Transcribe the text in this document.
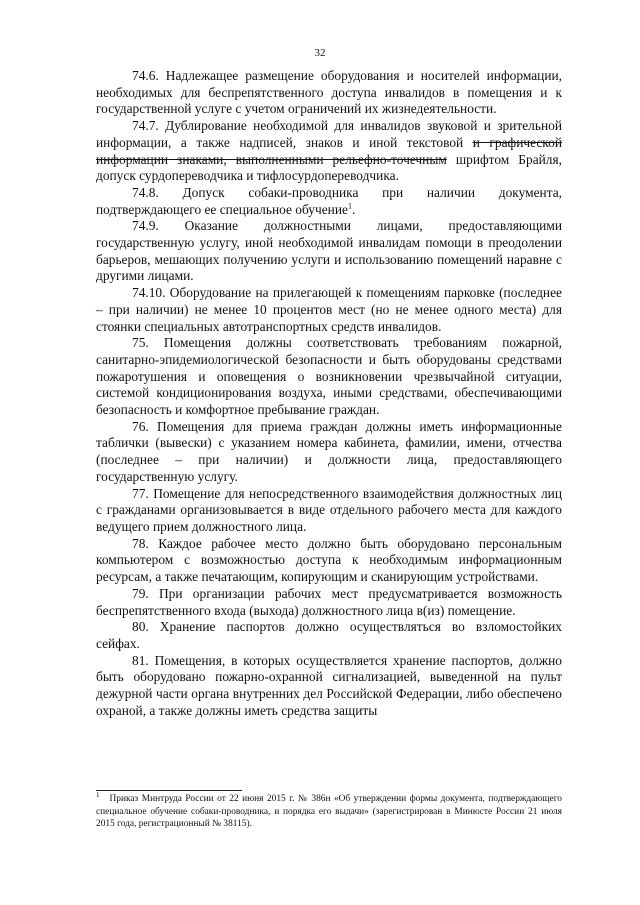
32

74.6. Надлежащее размещение оборудования и носителей информации, необходимых для беспрепятственного доступа инвалидов в помещения и к государственной услуге с учетом ограничений их жизнедеятельности.

74.7. Дублирование необходимой для инвалидов звуковой и зрительной информации, а также надписей, знаков и иной текстовой и графической информации знаками, выполненными рельефно-точечным шрифтом Брайля, допуск сурдопереводчика и тифлосурдопереводчика.

74.8. Допуск собаки-проводника при наличии документа, подтверждающего ее специальное обучение$^1$.

74.9. Оказание должностными лицами, предоставляющими государственную услугу, иной необходимой инвалидам помощи в преодолении барьеров, мешающих получению услуги и использованию помещений наравне с другими лицами.

74.10. Оборудование на прилегающей к помещениям парковке (последнее – при наличии) не менее 10 процентов мест (но не менее одного места) для стоянки специальных автотранспортных средств инвалидов.

75. Помещения должны соответствовать требованиям пожарной, санитарно-эпидемиологической безопасности и быть оборудованы средствами пожаротушения и оповещения о возникновении чрезвычайной ситуации, системой кондиционирования воздуха, иными средствами, обеспечивающими безопасность и комфортное пребывание граждан.

76. Помещения для приема граждан должны иметь информационные таблички (вывески) с указанием номера кабинета, фамилии, имени, отчества (последнее – при наличии) и должности лица, предоставляющего государственную услугу.

77. Помещение для непосредственного взаимодействия должностных лиц с гражданами организовывается в виде отдельного рабочего места для каждого ведущего прием должностного лица.

78. Каждое рабочее место должно быть оборудовано персональным компьютером с возможностью доступа к необходимым информационным ресурсам, а также печатающим, копирующим и сканирующим устройствами.

79. При организации рабочих мест предусматривается возможность беспрепятственного входа (выхода) должностного лица в(из) помещение.

80. Хранение паспортов должно осуществляться во взломостойких сейфах.

81. Помещения, в которых осуществляется хранение паспортов, должно быть оборудовано пожарно-охранной сигнализацией, выведенной на пульт дежурной части органа внутренних дел Российской Федерации, либо обеспечено охраной, а также должны иметь средства защиты

$^1$ Приказ Минтруда России от 22 июня 2015 г. № 386н «Об утверждении формы документа, подтверждающего специальное обучение собаки-проводника, и порядка его выдачи» (зарегистрирован в Минюсте России 21 июля 2015 года, регистрационный № 38115).
